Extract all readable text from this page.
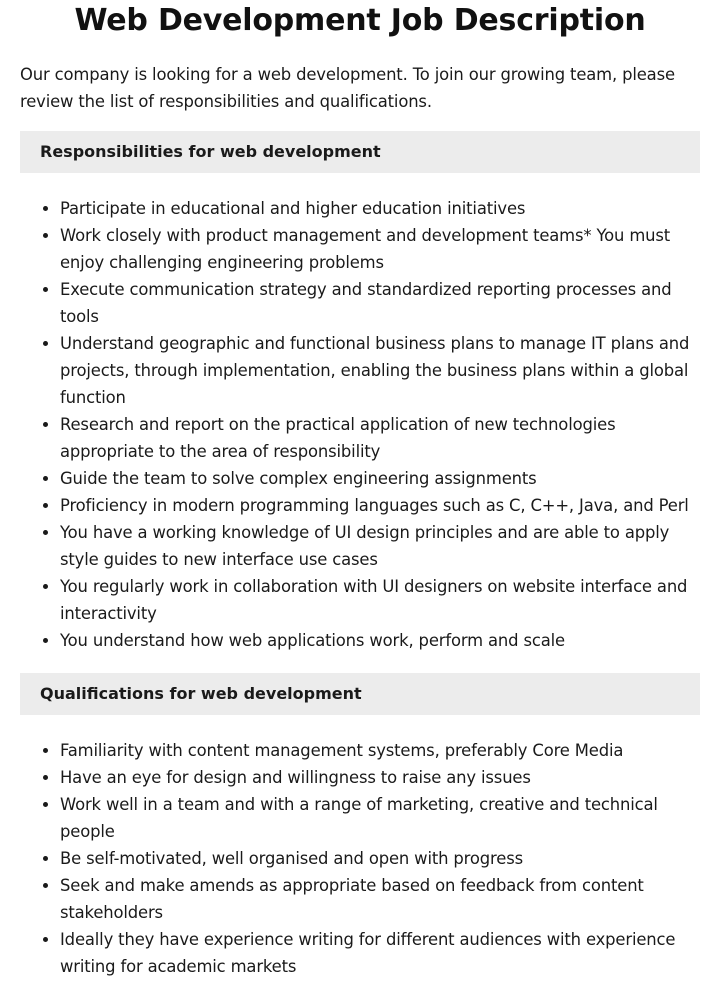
Web Development Job Description

Our company is looking for a web development. To join our growing team, please review the list of responsibilities and qualifications.

Responsibilities for web development
• Participate in educational and higher education initiatives
• Work closely with product management and development teams* You must enjoy challenging engineering problems
• Execute communication strategy and standardized reporting processes and tools
• Understand geographic and functional business plans to manage IT plans and projects, through implementation, enabling the business plans within a global function
• Research and report on the practical application of new technologies appropriate to the area of responsibility
• Guide the team to solve complex engineering assignments
• Proficiency in modern programming languages such as C, C++, Java, and Perl
• You have a working knowledge of UI design principles and are able to apply style guides to new interface use cases
• You regularly work in collaboration with UI designers on website interface and interactivity
• You understand how web applications work, perform and scale
Qualifications for web development
• Familiarity with content management systems, preferably Core Media
• Have an eye for design and willingness to raise any issues
• Work well in a team and with a range of marketing, creative and technical people
• Be self-motivated, well organised and open with progress
• Seek and make amends as appropriate based on feedback from content stakeholders
• Ideally they have experience writing for different audiences with experience writing for academic markets
